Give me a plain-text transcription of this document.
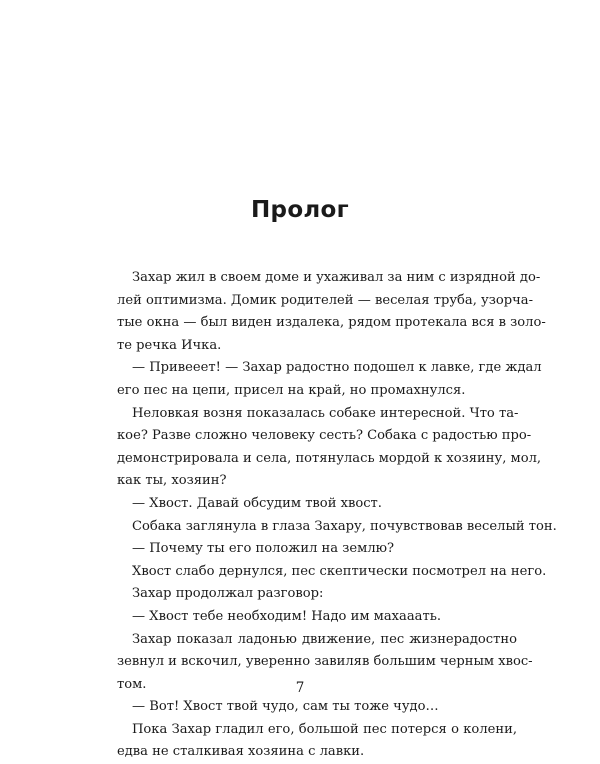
Пролог
Захар жил в своем доме и ухаживал за ним с изрядной до-
лей оптимизма. Домик родителей — веселая труба, узорча-
тые окна — был виден издалека, рядом протекала вся в золо-
те речка Ичка.
— Привееет! — Захар радостно подошел к лавке, где ждал
его пес на цепи, присел на край, но промахнулся.
Неловкая возня показалась собаке интересной. Что та-
кое? Разве сложно человеку сесть? Собака с радостью про-
демонстрировала и села, потянулась мордой к хозяину, мол,
как ты, хозяин?
— Хвост. Давай обсудим твой хвост.
Собака заглянула в глаза Захару, почувствовав веселый тон.
— Почему ты его положил на землю?
Хвост слабо дернулся, пес скептически посмотрел на него.
Захар продолжал разговор:
— Хвост тебе необходим! Надо им махааать.
Захар показал ладонью движение, пес жизнерадостно
зевнул и вскочил, уверенно завиляв большим черным хвос-
том.
— Вот! Хвост твой чудо, сам ты тоже чудо…
Пока Захар гладил его, большой пес потерся о колени,
едва не сталкивая хозяина с лавки.
7
